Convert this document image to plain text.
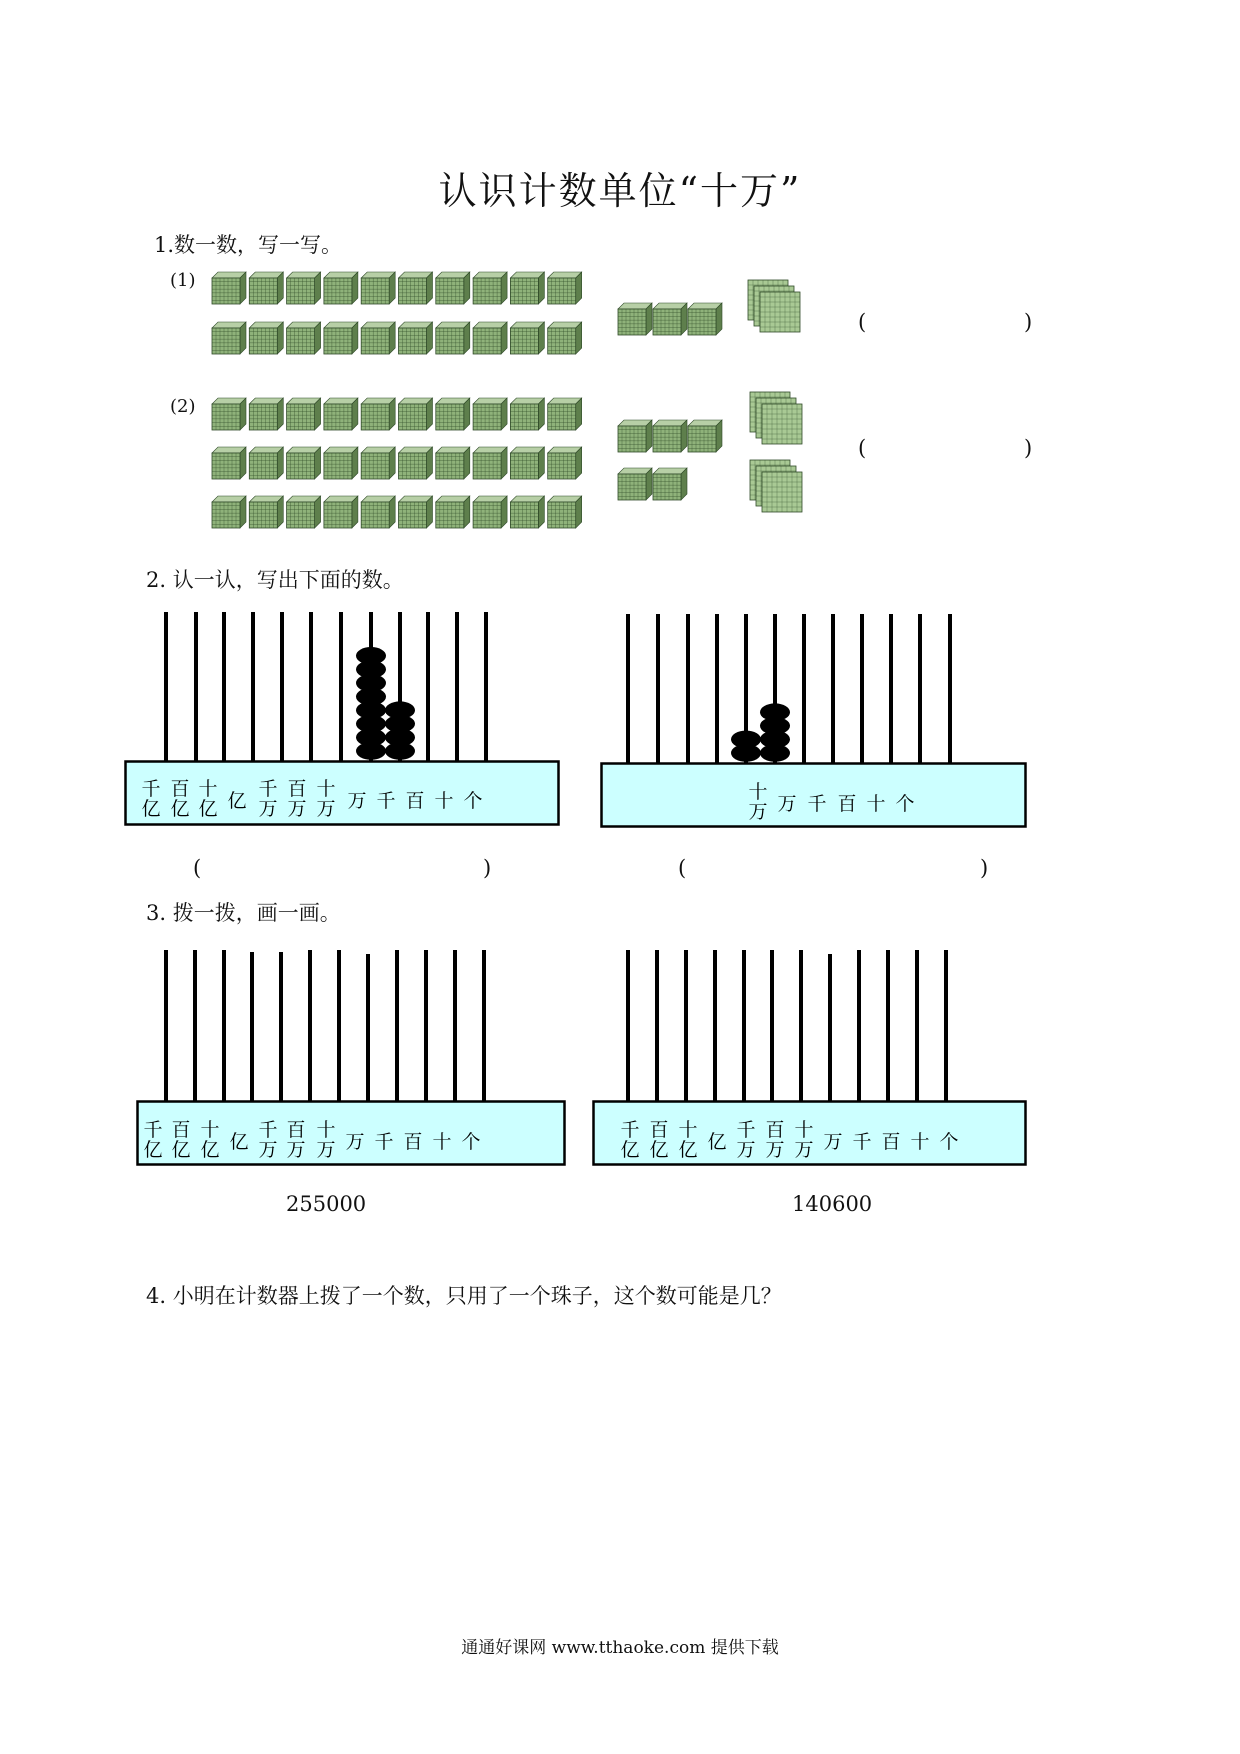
认识计数单位“十万”
1.数一数，写一写。
(1)
(2)
(	)
(	)
2. 认一认，写出下面的数。
千亿
百亿
十亿 亿
千万
百万
十万 万 千 百 十 个	十万 万 千 百 十 个
(	)	(	)
3. 拨一拨，画一画。
千亿
百亿
十亿 亿
千万
百万
十万 万 千 百 十 个
千亿
百亿
十亿 亿
千万
百万
十万 万 千 百 十 个
255000	140600
4. 小明在计数器上拨了一个数，只用了一个珠子，这个数可能是几？
通通好课网 www.tthaoke.com 提供下载
